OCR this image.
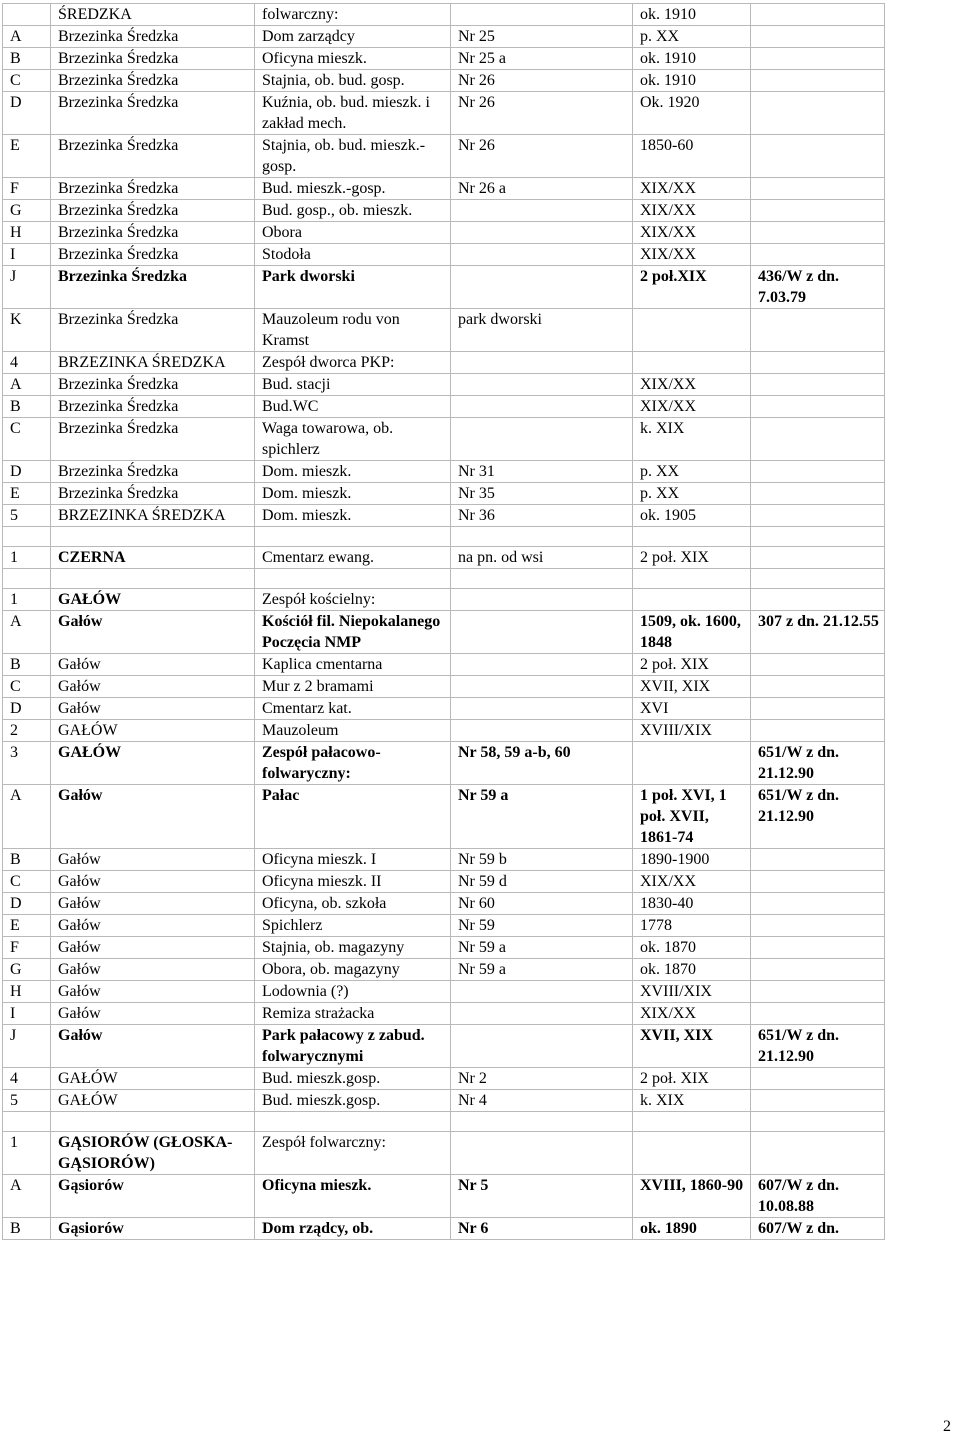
	ŚREDZKA	folwarczny:		ok. 1910	
A	Brzezinka Średzka	Dom zarządcy	Nr 25	p. XX	
B	Brzezinka Średzka	Oficyna mieszk.	Nr 25 a	ok. 1910	
C	Brzezinka Średzka	Stajnia, ob. bud. gosp.	Nr 26	ok. 1910	
D	Brzezinka Średzka	Kuźnia, ob. bud. mieszk. i zakład mech.	Nr 26	Ok. 1920	
E	Brzezinka Średzka	Stajnia, ob. bud. mieszk.-gosp.	Nr 26	1850-60	
F	Brzezinka Średzka	Bud. mieszk.-gosp.	Nr 26 a	XIX/XX	
G	Brzezinka Średzka	Bud. gosp., ob. mieszk.		XIX/XX	
H	Brzezinka Średzka	Obora		XIX/XX	
I	Brzezinka Średzka	Stodoła		XIX/XX	
J	Brzezinka Średzka	Park dworski		2 poł.XIX	436/W z dn. 7.03.79
K	Brzezinka Średzka	Mauzoleum rodu von Kramst	park dworski		
4	BRZEZINKA ŚREDZKA	Zespół dworca PKP:			
A	Brzezinka Średzka	Bud. stacji		XIX/XX	
B	Brzezinka Średzka	Bud.WC		XIX/XX	
C	Brzezinka Średzka	Waga towarowa, ob. spichlerz		k. XIX	
D	Brzezinka Średzka	Dom. mieszk.	Nr 31	p. XX	
E	Brzezinka Średzka	Dom. mieszk.	Nr 35	p. XX	
5	BRZEZINKA ŚREDZKA	Dom. mieszk.	Nr 36	ok. 1905	

1	CZERNA	Cmentarz ewang.	na pn. od wsi	2 poł. XIX	

1	GAŁÓW	Zespół kościelny:			
A	Gałów	Kościół fil. Niepokalanego Poczęcia NMP		1509, ok. 1600, 1848	307 z dn. 21.12.55
B	Gałów	Kaplica cmentarna		2 poł. XIX	
C	Gałów	Mur z 2 bramami		XVII, XIX	
D	Gałów	Cmentarz kat.		XVI	
2	GAŁÓW	Mauzoleum		XVIII/XIX	
3	GAŁÓW	Zespół pałacowo-folwaryczny:	Nr 58, 59 a-b, 60		651/W z dn. 21.12.90
A	Gałów	Pałac	Nr 59 a	1 poł. XVI, 1 poł. XVII, 1861-74	651/W z dn. 21.12.90
B	Gałów	Oficyna mieszk. I	Nr 59 b	1890-1900	
C	Gałów	Oficyna mieszk. II	Nr 59 d	XIX/XX	
D	Gałów	Oficyna, ob. szkoła	Nr 60	1830-40	
E	Gałów	Spichlerz	Nr 59	1778	
F	Gałów	Stajnia, ob. magazyny	Nr 59 a	ok. 1870	
G	Gałów	Obora, ob. magazyny	Nr 59 a	ok. 1870	
H	Gałów	Lodownia (?)		XVIII/XIX	
I	Gałów	Remiza strażacka		XIX/XX	
J	Gałów	Park pałacowy z zabud. folwarycznymi		XVII, XIX	651/W z dn. 21.12.90
4	GAŁÓW	Bud. mieszk.gosp.	Nr 2	2 poł. XIX	
5	GAŁÓW	Bud. mieszk.gosp.	Nr 4	k. XIX	

1	GĄSIORÓW (GŁOSKA-GĄSIORÓW)	Zespół folwarczny:			
A	Gąsiorów	Oficyna mieszk.	Nr 5	XVIII, 1860-90	607/W z dn. 10.08.88
B	Gąsiorów	Dom rządcy, ob.	Nr 6	ok. 1890	607/W z dn.
2
